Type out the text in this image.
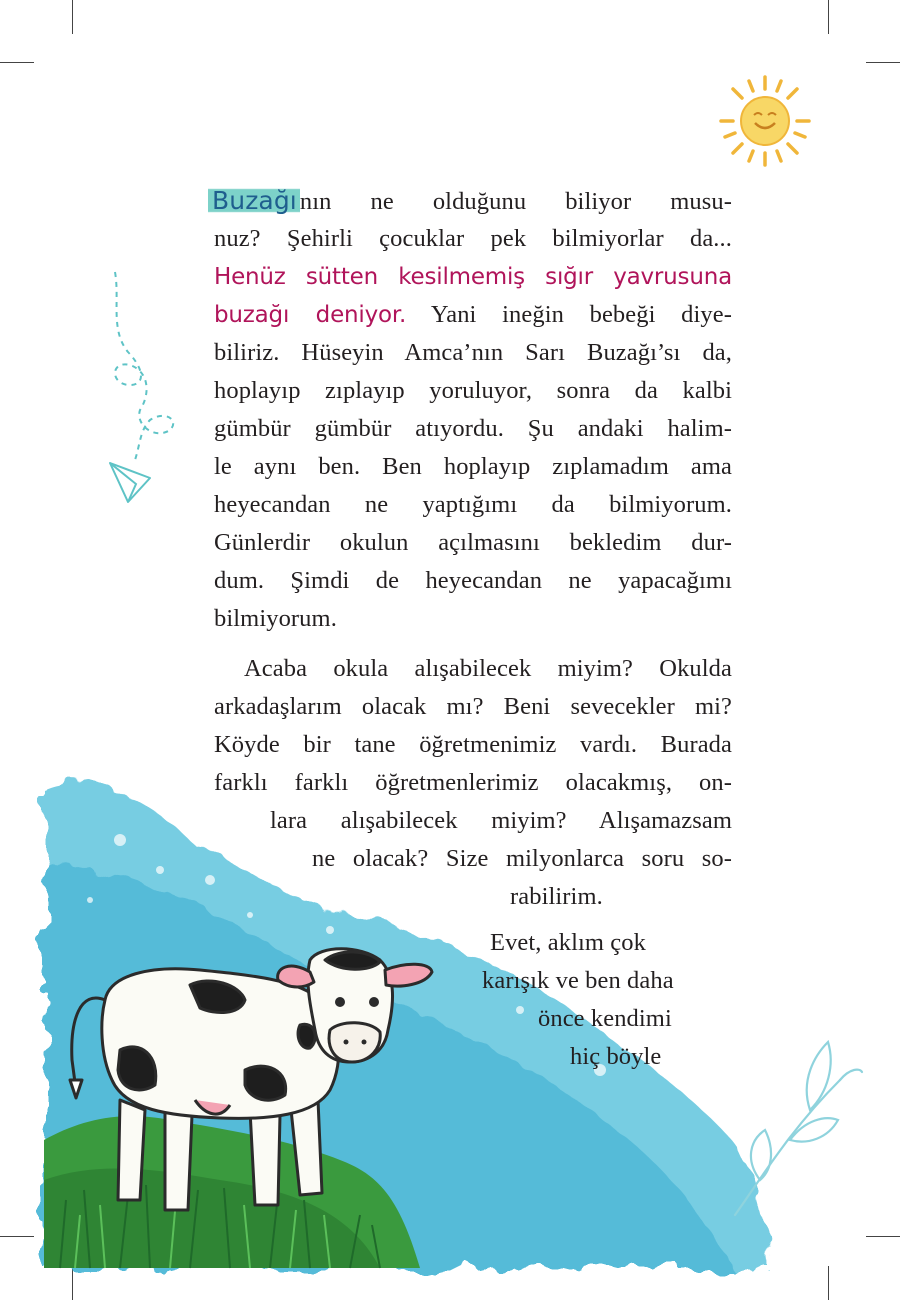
Buzağı nın ne olduğunu biliyor musu-
nuz? Şehirli çocuklar pek bilmiyorlar da...
Henüz sütten kesilmemiş sığır yavrusuna
buzağı deniyor. Yani ineğin bebeği diye-
biliriz. Hüseyin Amca’nın Sarı Buzağı’sı da,
hoplayıp zıplayıp yoruluyor, sonra da kalbi
gümbür gümbür atıyordu. Şu andaki halim-
le aynı ben. Ben hoplayıp zıplamadım ama
heyecandan ne yaptığımı da bilmiyorum.
Günlerdir okulun açılmasını bekledim dur-
dum. Şimdi de heyecandan ne yapacağımı
bilmiyorum.
Acaba okula alışabilecek miyim? Okulda
arkadaşlarım olacak mı? Beni sevecekler mi?
Köyde bir tane öğretmenimiz vardı. Burada
farklı farklı öğretmenlerimiz olacakmış, on-
lara alışabilecek miyim? Alışamazsam
ne olacak? Size milyonlarca soru so-
rabilirim.
Evet, aklım çok
karışık ve ben daha
önce kendimi
hiç böyle
